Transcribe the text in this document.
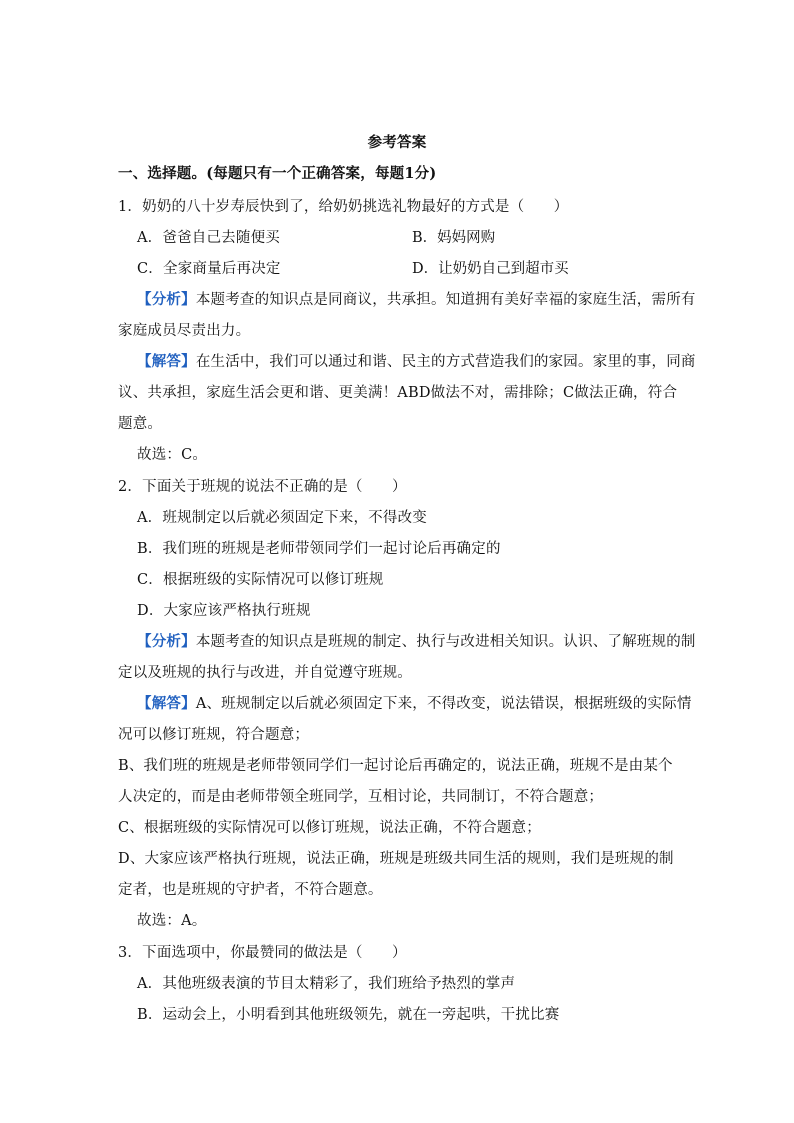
参考答案
一、选择题。(每题只有一个正确答案，每题1分)
1．奶奶的八十岁寿辰快到了，给奶奶挑选礼物最好的方式是（　　）
A．爸爸自己去随便买	B．妈妈网购
C．全家商量后再决定	D．让奶奶自己到超市买
【分析】本题考查的知识点是同商议，共承担。知道拥有美好幸福的家庭生活，需所有
家庭成员尽责出力。
【解答】在生活中，我们可以通过和谐、民主的方式营造我们的家园。家里的事，同商
议、共承担，家庭生活会更和谐、更美满！ABD做法不对，需排除；C做法正确，符合
题意。
故选：C。
2．下面关于班规的说法不正确的是（　　）
A．班规制定以后就必须固定下来，不得改变
B．我们班的班规是老师带领同学们一起讨论后再确定的
C．根据班级的实际情况可以修订班规
D．大家应该严格执行班规
【分析】本题考查的知识点是班规的制定、执行与改进相关知识。认识、了解班规的制
定以及班规的执行与改进，并自觉遵守班规。
【解答】A、班规制定以后就必须固定下来，不得改变，说法错误，根据班级的实际情
况可以修订班规，符合题意；
B、我们班的班规是老师带领同学们一起讨论后再确定的，说法正确，班规不是由某个
人决定的，而是由老师带领全班同学，互相讨论，共同制订，不符合题意；
C、根据班级的实际情况可以修订班规，说法正确，不符合题意；
D、大家应该严格执行班规，说法正确，班规是班级共同生活的规则，我们是班规的制
定者，也是班规的守护者，不符合题意。
故选：A。
3．下面选项中，你最赞同的做法是（　　）
A．其他班级表演的节目太精彩了，我们班给予热烈的掌声
B．运动会上，小明看到其他班级领先，就在一旁起哄，干扰比赛
